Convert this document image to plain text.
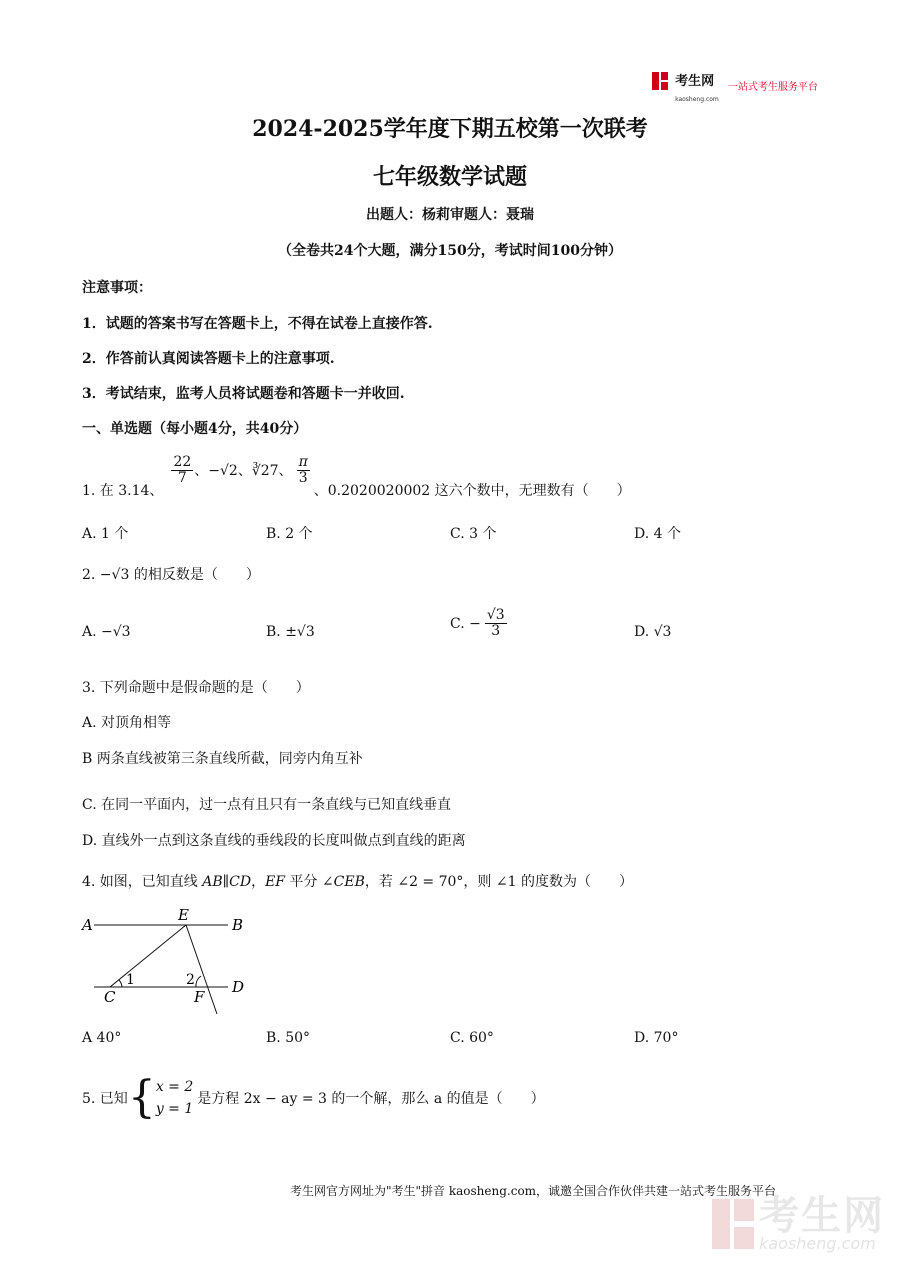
考生网
kaosheng.com 一站式考生服务平台
2024-2025学年度下期五校第一次联考
七年级数学试题
出题人：杨莉审题人：聂瑞
（全卷共24个大题，满分150分，考试时间100分钟）
注意事项：
1．试题的答案书写在答题卡上，不得在试卷上直接作答.
2．作答前认真阅读答题卡上的注意事项.
3．考试结束，监考人员将试题卷和答题卡一并收回.
一、单选题（每小题4分，共40分）
1. 在 3.14、
$\frac{22}{7}$ 、−√2、∛27、 $\frac{\pi}{3}$
、0.2020020002 这六个数中，无理数有（　　）
A. 1 个	B. 2 个	C. 3 个	D. 4 个
2. −√3 的相反数是（　　）
A. −√3	B. ±√3
C. − $\frac{√3}{3}$	D. √3
3. 下列命题中是假命题的是（　　）
A. 对顶角相等
B 两条直线被第三条直线所截，同旁内角互补
C. 在同一平面内，过一点有且只有一条直线与已知直线垂直
D. 直线外一点到这条直线的垂线段的长度叫做点到直线的距离
4. 如图，已知直线 AB∥CD，EF 平分 ∠CEB，若 ∠2 = 70°，则 ∠1 的度数为（　　）
A	B
E
C	F
D
1	2
A 40°	B. 50°	C. 60°	D. 70°
5. 已知 { x = 2
y = 1
是方程 2x − ay = 3 的一个解，那么 a 的值是（　　）
考生网官方网址为"考生"拼音 kaosheng.com，诚邀全国合作伙伴共建一站式考生服务平台
考生网
kaosheng.com
